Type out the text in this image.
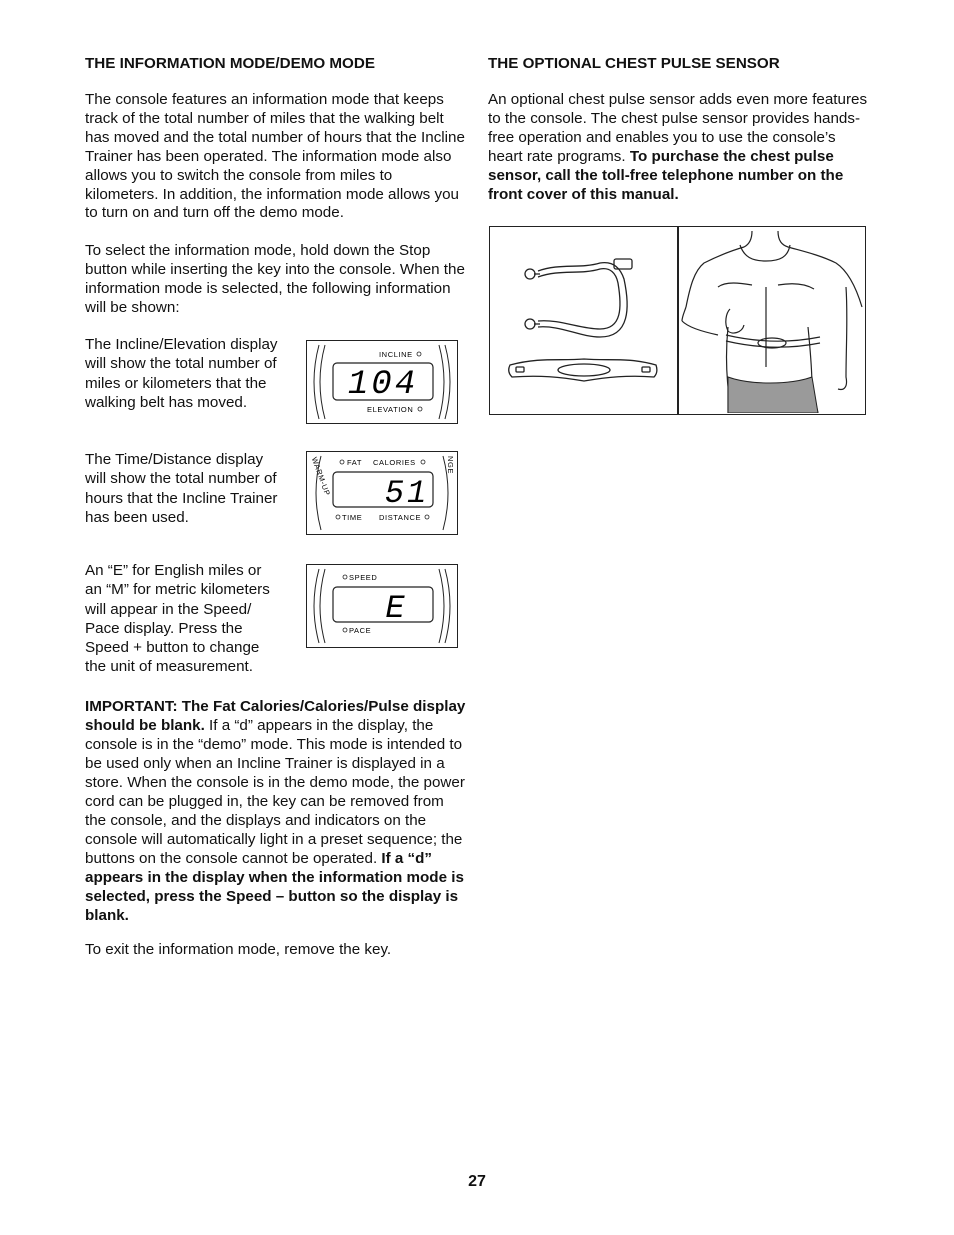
THE INFORMATION MODE/DEMO MODE

The console features an information mode that keeps track of the total number of miles that the walking belt has moved and the total number of hours that the Incline Trainer has been operated. The information mode also allows you to switch the console from miles to kilometers. In addition, the information mode allows you to turn on and turn off the demo mode.

To select the information mode, hold down the Stop button while inserting the key into the console. When the information mode is selected, the following information will be shown:

The Incline/Elevation display will show the total number of miles or kilometers that the walking belt has moved.
The Time/Distance display will show the total number of hours that the Incline Trainer has been used.
An “E” for English miles or an “M” for metric kilometers will appear in the Speed/ Pace display. Press the Speed + button to change the unit of measurement.
INCLINE
104
ELEVATION
WARM-UP	NGE
FAT CALORIES
51
TIME DISTANCE
SPEED
E
PACE

IMPORTANT: The Fat Calories/Calories/Pulse display should be blank. If a “d” appears in the display, the console is in the “demo” mode. This mode is intended to be used only when an Incline Trainer is displayed in a store. When the console is in the demo mode, the power cord can be plugged in, the key can be removed from the console, and the displays and indicators on the console will automatically light in a preset sequence; the buttons on the console cannot be operated. If a “d” appears in the display when the information mode is selected, press the Speed – button so the display is blank.

To exit the information mode, remove the key.

THE OPTIONAL CHEST PULSE SENSOR

An optional chest pulse sensor adds even more features to the console. The chest pulse sensor provides hands-free operation and enables you to use the console’s heart rate programs. To purchase the chest pulse sensor, call the toll-free telephone number on the front cover of this manual.

27
